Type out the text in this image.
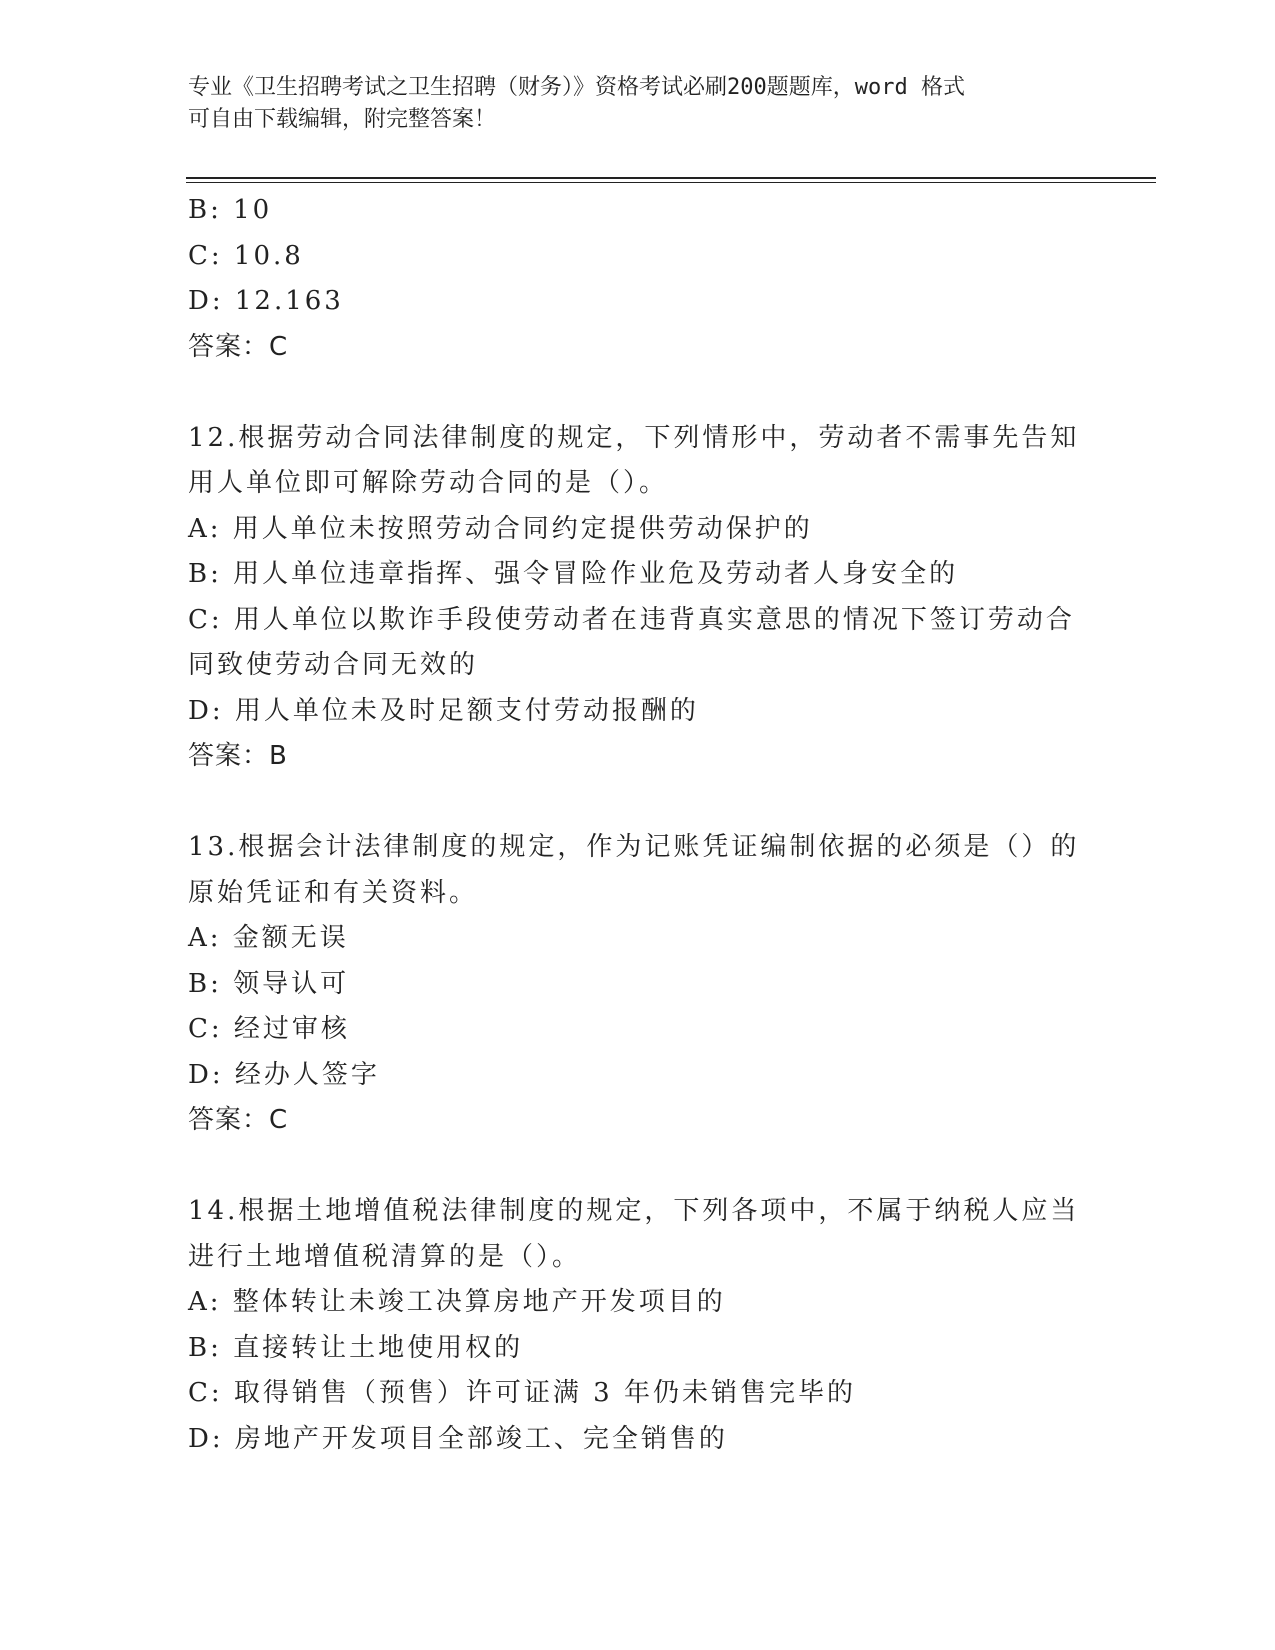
专业《卫生招聘考试之卫生招聘（财务）》资格考试必刷200题题库，word 格式
可自由下载编辑，附完整答案！

B: 10

C: 10.8

D: 12.163

答案：C

12.根据劳动合同法律制度的规定，下列情形中，劳动者不需事先告知

用人单位即可解除劳动合同的是（）。

A: 用人单位未按照劳动合同约定提供劳动保护的

B: 用人单位违章指挥、强令冒险作业危及劳动者人身安全的

C: 用人单位以欺诈手段使劳动者在违背真实意思的情况下签订劳动合

同致使劳动合同无效的

D: 用人单位未及时足额支付劳动报酬的

答案：B

13.根据会计法律制度的规定，作为记账凭证编制依据的必须是（）的

原始凭证和有关资料。

A: 金额无误

B: 领导认可

C: 经过审核

D: 经办人签字

答案：C

14.根据土地增值税法律制度的规定，下列各项中，不属于纳税人应当

进行土地增值税清算的是（）。

A: 整体转让未竣工决算房地产开发项目的

B: 直接转让土地使用权的

C: 取得销售（预售）许可证满 3 年仍未销售完毕的

D: 房地产开发项目全部竣工、完全销售的
